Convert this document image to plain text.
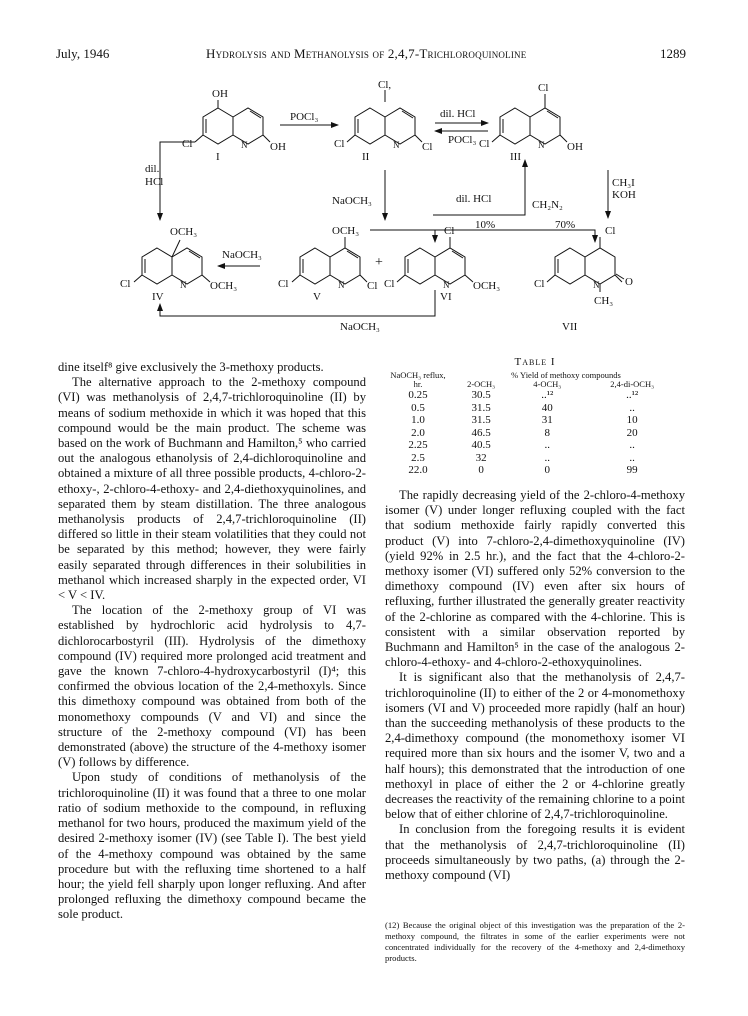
July, 1946	Hydrolysis and Methanolysis of 2,4,7-Trichloroquinoline	1289
OH
Cl,	Cl
Cl	N OH	Cl	N Cl	Cl	N OH
OCH₃
Cl	N OCH₃
OCH₃
Cl	N Cl
Cl
Cl	N OCH₃
Cl
Cl	N O
CH₃
POCl₃	dil. HCl
POCl₃
dil.
HCl
NaOCH₃	dil. HCl	CH₂N₂
CH₃I
KOH
10%	70%
NaOCH₃	+
NaOCH₃
I	II	III
IV	V	VI
VII

dine itself⁸ give exclusively the 3-methoxy products.

The alternative approach to the 2-methoxy compound (VI) was methanolysis of 2,4,7-trichloroquinoline (II) by means of sodium methoxide in which it was hoped that this compound would be the main product. The scheme was based on the work of Buchmann and Hamilton,⁵ who carried out the analogous ethanolysis of 2,4-dichloroquinoline and obtained a mixture of all three possible products, 4-chloro-2-ethoxy-, 2-chloro-4-ethoxy- and 2,4-diethoxyquinolines, and separated them by steam distillation. The three analogous methanolysis products of 2,4,7-trichloroquinoline (II) differed so little in their steam volatilities that they could not be separated by this method; however, they were fairly easily separated through differences in their solubilities in methanol which increased sharply in the expected order, VI < V < IV.

The location of the 2-methoxy group of VI was established by hydrochloric acid hydrolysis to 4,7-dichlorocarbostyril (III). Hydrolysis of the dimethoxy compound (IV) required more prolonged acid treatment and gave the known 7-chloro-4-hydroxycarbostyril (I)⁴; this confirmed the obvious location of the 2,4-methoxyls. Since this dimethoxy compound was obtained from both of the monomethoxy compounds (V and VI) and since the structure of the 2-methoxy compound (VI) has been demonstrated (above) the structure of the 4-methoxy isomer (V) follows by difference.

Upon study of conditions of methanolysis of the trichloroquinoline (II) it was found that a three to one molar ratio of sodium methoxide to the compound, in refluxing methanol for two hours, produced the maximum yield of the desired 2-methoxy isomer (IV) (see Table I). The best yield of the 4-methoxy compound was obtained by the same procedure but with the refluxing time shortened to a half hour; the yield fell sharply upon longer refluxing. And after prolonged refluxing the dimethoxy compound became the sole product.

Table I
NaOCH₃ reflux, hr.	% Yield of methoxy compounds		
	2-OCH₃	4-OCH₃	2,4-di-OCH₃
0.25	30.5	..¹²	..¹²
0.5	31.5	40	..
1.0	31.5	31	10
2.0	46.5	8	20
2.25	40.5	..	..
2.5	32	..	..
22.0	0	0	99

The rapidly decreasing yield of the 2-chloro-4-methoxy isomer (V) under longer refluxing coupled with the fact that sodium methoxide fairly rapidly converted this product (V) into 7-chloro-2,4-dimethoxyquinoline (IV) (yield 92% in 2.5 hr.), and the fact that the 4-chloro-2-methoxy isomer (VI) suffered only 52% conversion to the dimethoxy compound (IV) even after six hours of refluxing, further illustrated the generally greater reactivity of the 2-chlorine as compared with the 4-chlorine. This is consistent with a similar observation reported by Buchmann and Hamilton⁵ in the case of the analogous 2-chloro-4-ethoxy- and 4-chloro-2-ethoxyquinolines.

It is significant also that the methanolysis of 2,4,7-trichloroquinoline (II) to either of the 2 or 4-monomethoxy isomers (VI and V) proceeded more rapidly (half an hour) than the succeeding methanolysis of these products to the 2,4-dimethoxy compound (the monomethoxy isomer VI required more than six hours and the isomer V, two and a half hours); this demonstrated that the introduction of one methoxyl in place of either the 2 or 4-chlorine greatly decreases the reactivity of the remaining chlorine to a point below that of either chlorine of 2,4,7-trichloroquinoline.

In conclusion from the foregoing results it is evident that the methanolysis of 2,4,7-trichloroquinoline (II) proceeds simultaneously by two paths, (a) through the 2-methoxy compound (VI)

(12) Because the original object of this investigation was the preparation of the 2-methoxy compound, the filtrates in some of the earlier experiments were not concentrated individually for the recovery of the 4-methoxy and 2,4-dimethoxy products.
